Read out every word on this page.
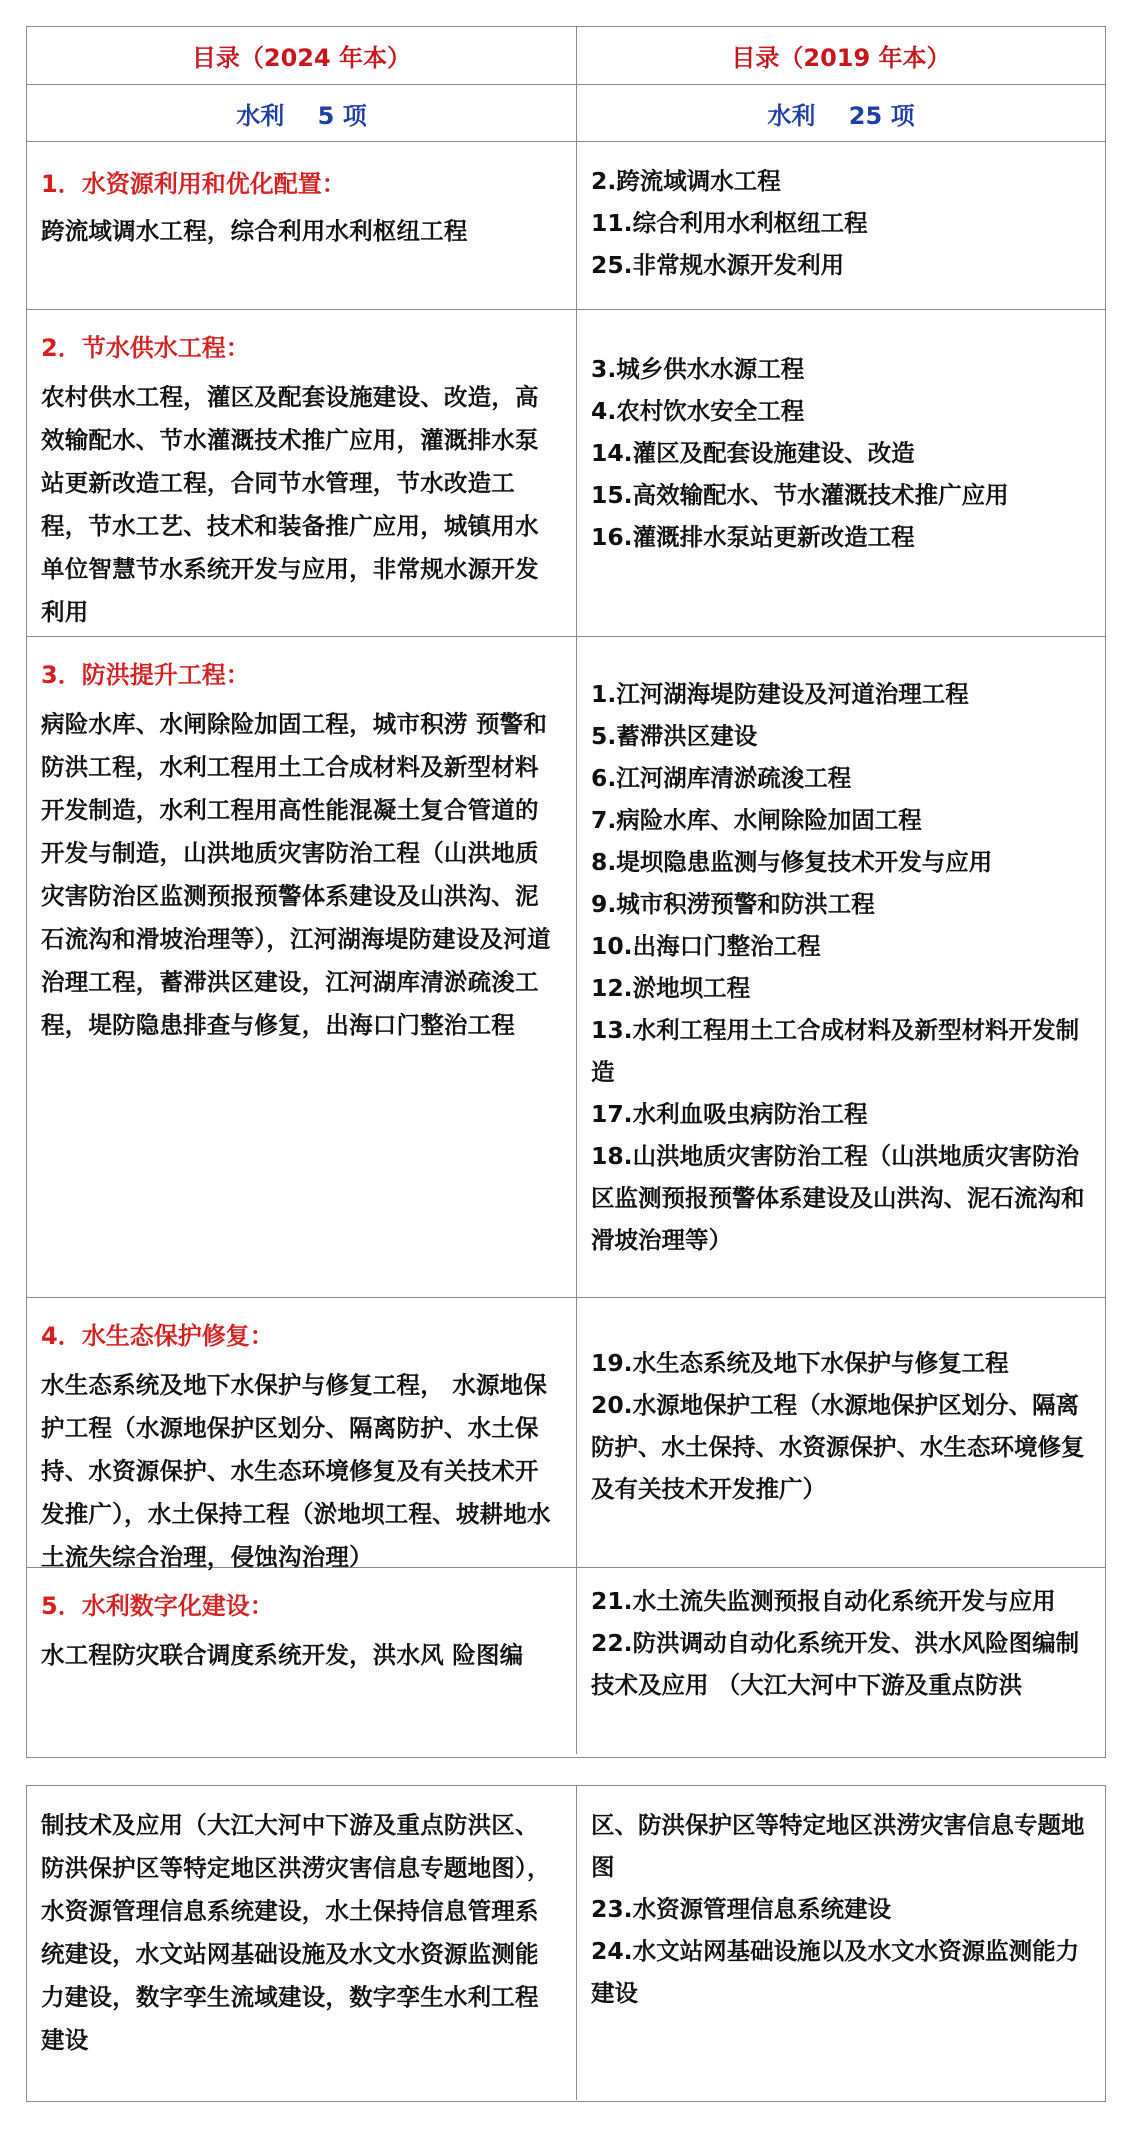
目录（2024 年本）	目录（2019 年本）
水利    5 项	水利    25 项

1．水资源利用和优化配置：

跨流域调水工程，综合利用水利枢纽工程

2.跨流域调水工程
11.综合利用水利枢纽工程
25.非常规水源开发利用

2．节水供水工程：

农村供水工程，灌区及配套设施建设、改造，高效输配水、节水灌溉技术推广应用，灌溉排水泵站更新改造工程，合同节水管理，节水改造工程，节水工艺、技术和装备推广应用，城镇用水单位智慧节水系统开发与应用，非常规水源开发利用

3.城乡供水水源工程
4.农村饮水安全工程
14.灌区及配套设施建设、改造
15.高效输配水、节水灌溉技术推广应用
16.灌溉排水泵站更新改造工程

3．防洪提升工程：

病险水库、水闸除险加固工程，城市积涝 预警和防洪工程，水利工程用土工合成材料及新型材料开发制造，水利工程用高性能混凝土复合管道的开发与制造，山洪地质灾害防治工程（山洪地质灾害防治区监测预报预警体系建设及山洪沟、泥石流沟和滑坡治理等），江河湖海堤防建设及河道治理工程，蓄滞洪区建设，江河湖库清淤疏浚工程，堤防隐患排查与修复，出海口门整治工程

1.江河湖海堤防建设及河道治理工程
5.蓄滞洪区建设
6.江河湖库清淤疏浚工程
7.病险水库、水闸除险加固工程
8.堤坝隐患监测与修复技术开发与应用
9.城市积涝预警和防洪工程
10.出海口门整治工程
12.淤地坝工程
13.水利工程用土工合成材料及新型材料开发制造
17.水利血吸虫病防治工程
18.山洪地质灾害防治工程（山洪地质灾害防治区监测预报预警体系建设及山洪沟、泥石流沟和滑坡治理等）

4．水生态保护修复：

水生态系统及地下水保护与修复工程， 水源地保护工程（水源地保护区划分、隔离防护、水土保持、水资源保护、水生态环境修复及有关技术开发推广），水土保持工程（淤地坝工程、坡耕地水土流失综合治理，侵蚀沟治理）

19.水生态系统及地下水保护与修复工程
20.水源地保护工程（水源地保护区划分、隔离防护、水土保持、水资源保护、水生态环境修复及有关技术开发推广）

5．水利数字化建设：

水工程防灾联合调度系统开发，洪水风 险图编

21.水土流失监测预报自动化系统开发与应用
22.防洪调动自动化系统开发、洪水风险图编制技术及应用 （大江大河中下游及重点防洪

制技术及应用（大江大河中下游及重点防洪区、防洪保护区等特定地区洪涝灾害信息专题地图），水资源管理信息系统建设，水土保持信息管理系统建设，水文站网基础设施及水文水资源监测能力建设，数字孪生流域建设，数字孪生水利工程建设

区、防洪保护区等特定地区洪涝灾害信息专题地图
23.水资源管理信息系统建设
24.水文站网基础设施以及水文水资源监测能力建设
